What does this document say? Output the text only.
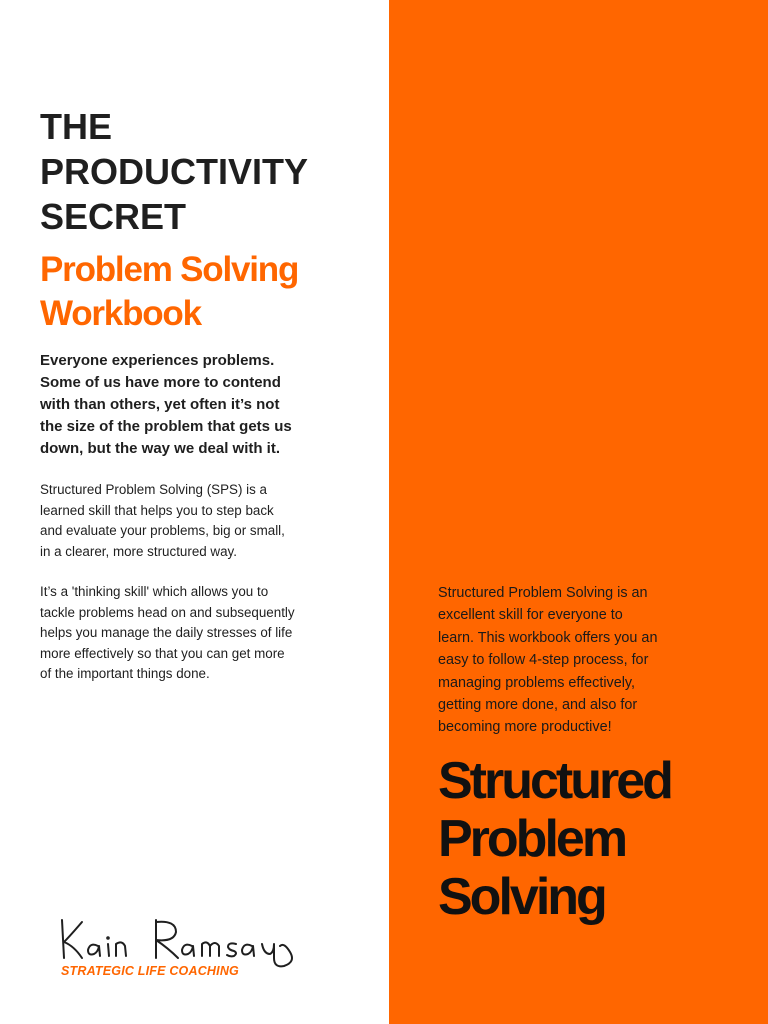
THE
PRODUCTIVITY
SECRET
Problem Solving
Workbook

Everyone experiences problems.
Some of us have more to contend
with than others, yet often it’s not
the size of the problem that gets us
down, but the way we deal with it.

Structured Problem Solving (SPS) is a
learned skill that helps you to step back
and evaluate your problems, big or small,
in a clearer, more structured way.

It’s a 'thinking skill' which allows you to
tackle problems head on and subsequently
helps you manage the daily stresses of life
more effectively so that you can get more
of the important things done.

STRATEGIC LIFE COACHING

Structured Problem Solving is an
excellent skill for everyone to
learn. This workbook offers you an
easy to follow 4-step process, for
managing problems effectively,
getting more done, and also for
becoming more productive!

Structured
Problem
Solving
